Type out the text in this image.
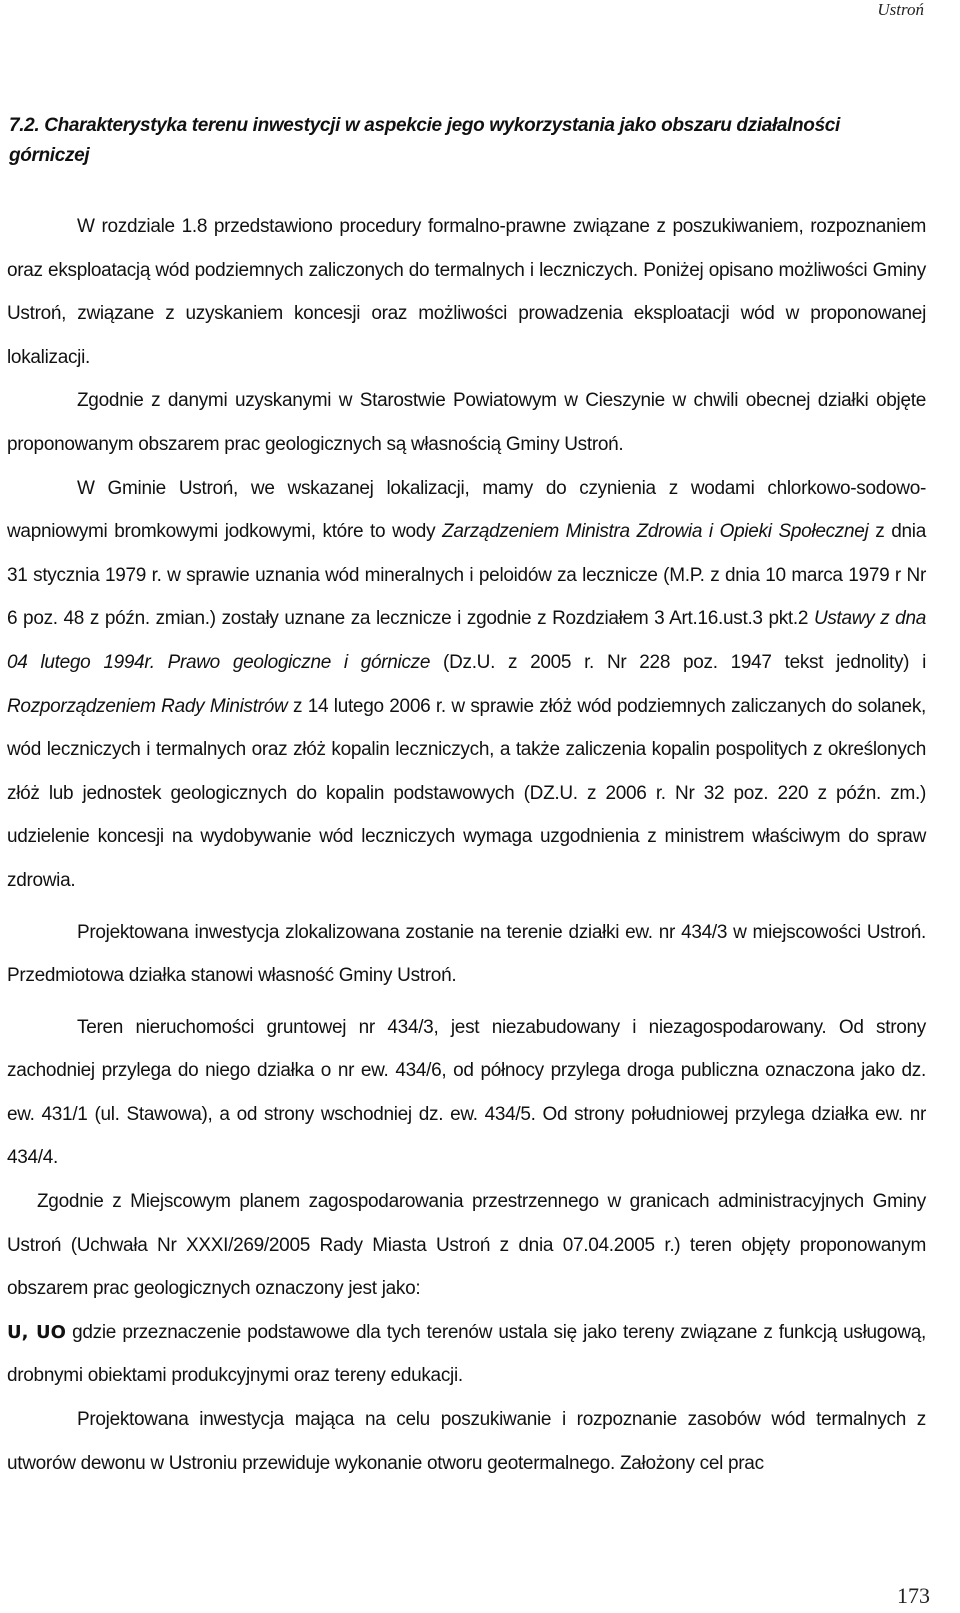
Ustroń
7.2. Charakterystyka terenu inwestycji w aspekcie jego wykorzystania jako obszaru działalności górniczej

W rozdziale 1.8 przedstawiono procedury formalno-prawne związane z poszukiwaniem, rozpoznaniem oraz eksploatacją wód podziemnych zaliczonych do termalnych i leczniczych. Poniżej opisano możliwości Gminy Ustroń, związane z uzyskaniem koncesji oraz możliwości prowadzenia eksploatacji wód w proponowanej lokalizacji.

Zgodnie z danymi uzyskanymi w Starostwie Powiatowym w Cieszynie w chwili obecnej działki objęte proponowanym obszarem prac geologicznych są własnością Gminy Ustroń.

W Gminie Ustroń, we wskazanej lokalizacji, mamy do czynienia z wodami chlorkowo-sodowo-wapniowymi bromkowymi jodkowymi, które to wody Zarządzeniem Ministra Zdrowia i Opieki Społecznej z dnia 31 stycznia 1979 r. w sprawie uznania wód mineralnych i peloidów za lecznicze (M.P. z dnia 10 marca 1979 r Nr 6 poz. 48 z późn. zmian.) zostały uznane za lecznicze i zgodnie z Rozdziałem 3 Art.16.ust.3 pkt.2 Ustawy z dna 04 lutego 1994r. Prawo geologiczne i górnicze (Dz.U. z 2005 r. Nr 228 poz. 1947 tekst jednolity) i Rozporządzeniem Rady Ministrów z 14 lutego 2006 r. w sprawie złóż wód podziemnych zaliczanych do solanek, wód leczniczych i termalnych oraz złóż kopalin leczniczych, a także zaliczenia kopalin pospolitych z określonych złóż lub jednostek geologicznych do kopalin podstawowych (DZ.U. z 2006 r. Nr 32 poz. 220 z późn. zm.) udzielenie koncesji na wydobywanie wód leczniczych wymaga uzgodnienia z ministrem właściwym do spraw zdrowia.

Projektowana inwestycja zlokalizowana zostanie na terenie działki ew. nr 434/3 w miejscowości Ustroń. Przedmiotowa działka stanowi własność Gminy Ustroń.

Teren nieruchomości gruntowej nr 434/3, jest niezabudowany i niezagospodarowany. Od strony zachodniej przylega do niego działka o nr ew. 434/6, od północy przylega droga publiczna oznaczona jako dz. ew. 431/1 (ul. Stawowa), a od strony wschodniej dz. ew. 434/5. Od strony południowej przylega działka ew. nr 434/4.

Zgodnie z Miejscowym planem zagospodarowania przestrzennego w granicach administracyjnych Gminy Ustroń (Uchwała Nr XXXI/269/2005 Rady Miasta Ustroń z dnia 07.04.2005 r.) teren objęty proponowanym obszarem prac geologicznych oznaczony jest jako:

U, UO gdzie przeznaczenie podstawowe dla tych terenów ustala się jako tereny związane z funkcją usługową, drobnymi obiektami produkcyjnymi oraz tereny edukacji.

Projektowana inwestycja mająca na celu poszukiwanie i rozpoznanie zasobów wód termalnych z utworów dewonu w Ustroniu przewiduje wykonanie otworu geotermalnego. Założony cel prac

173
